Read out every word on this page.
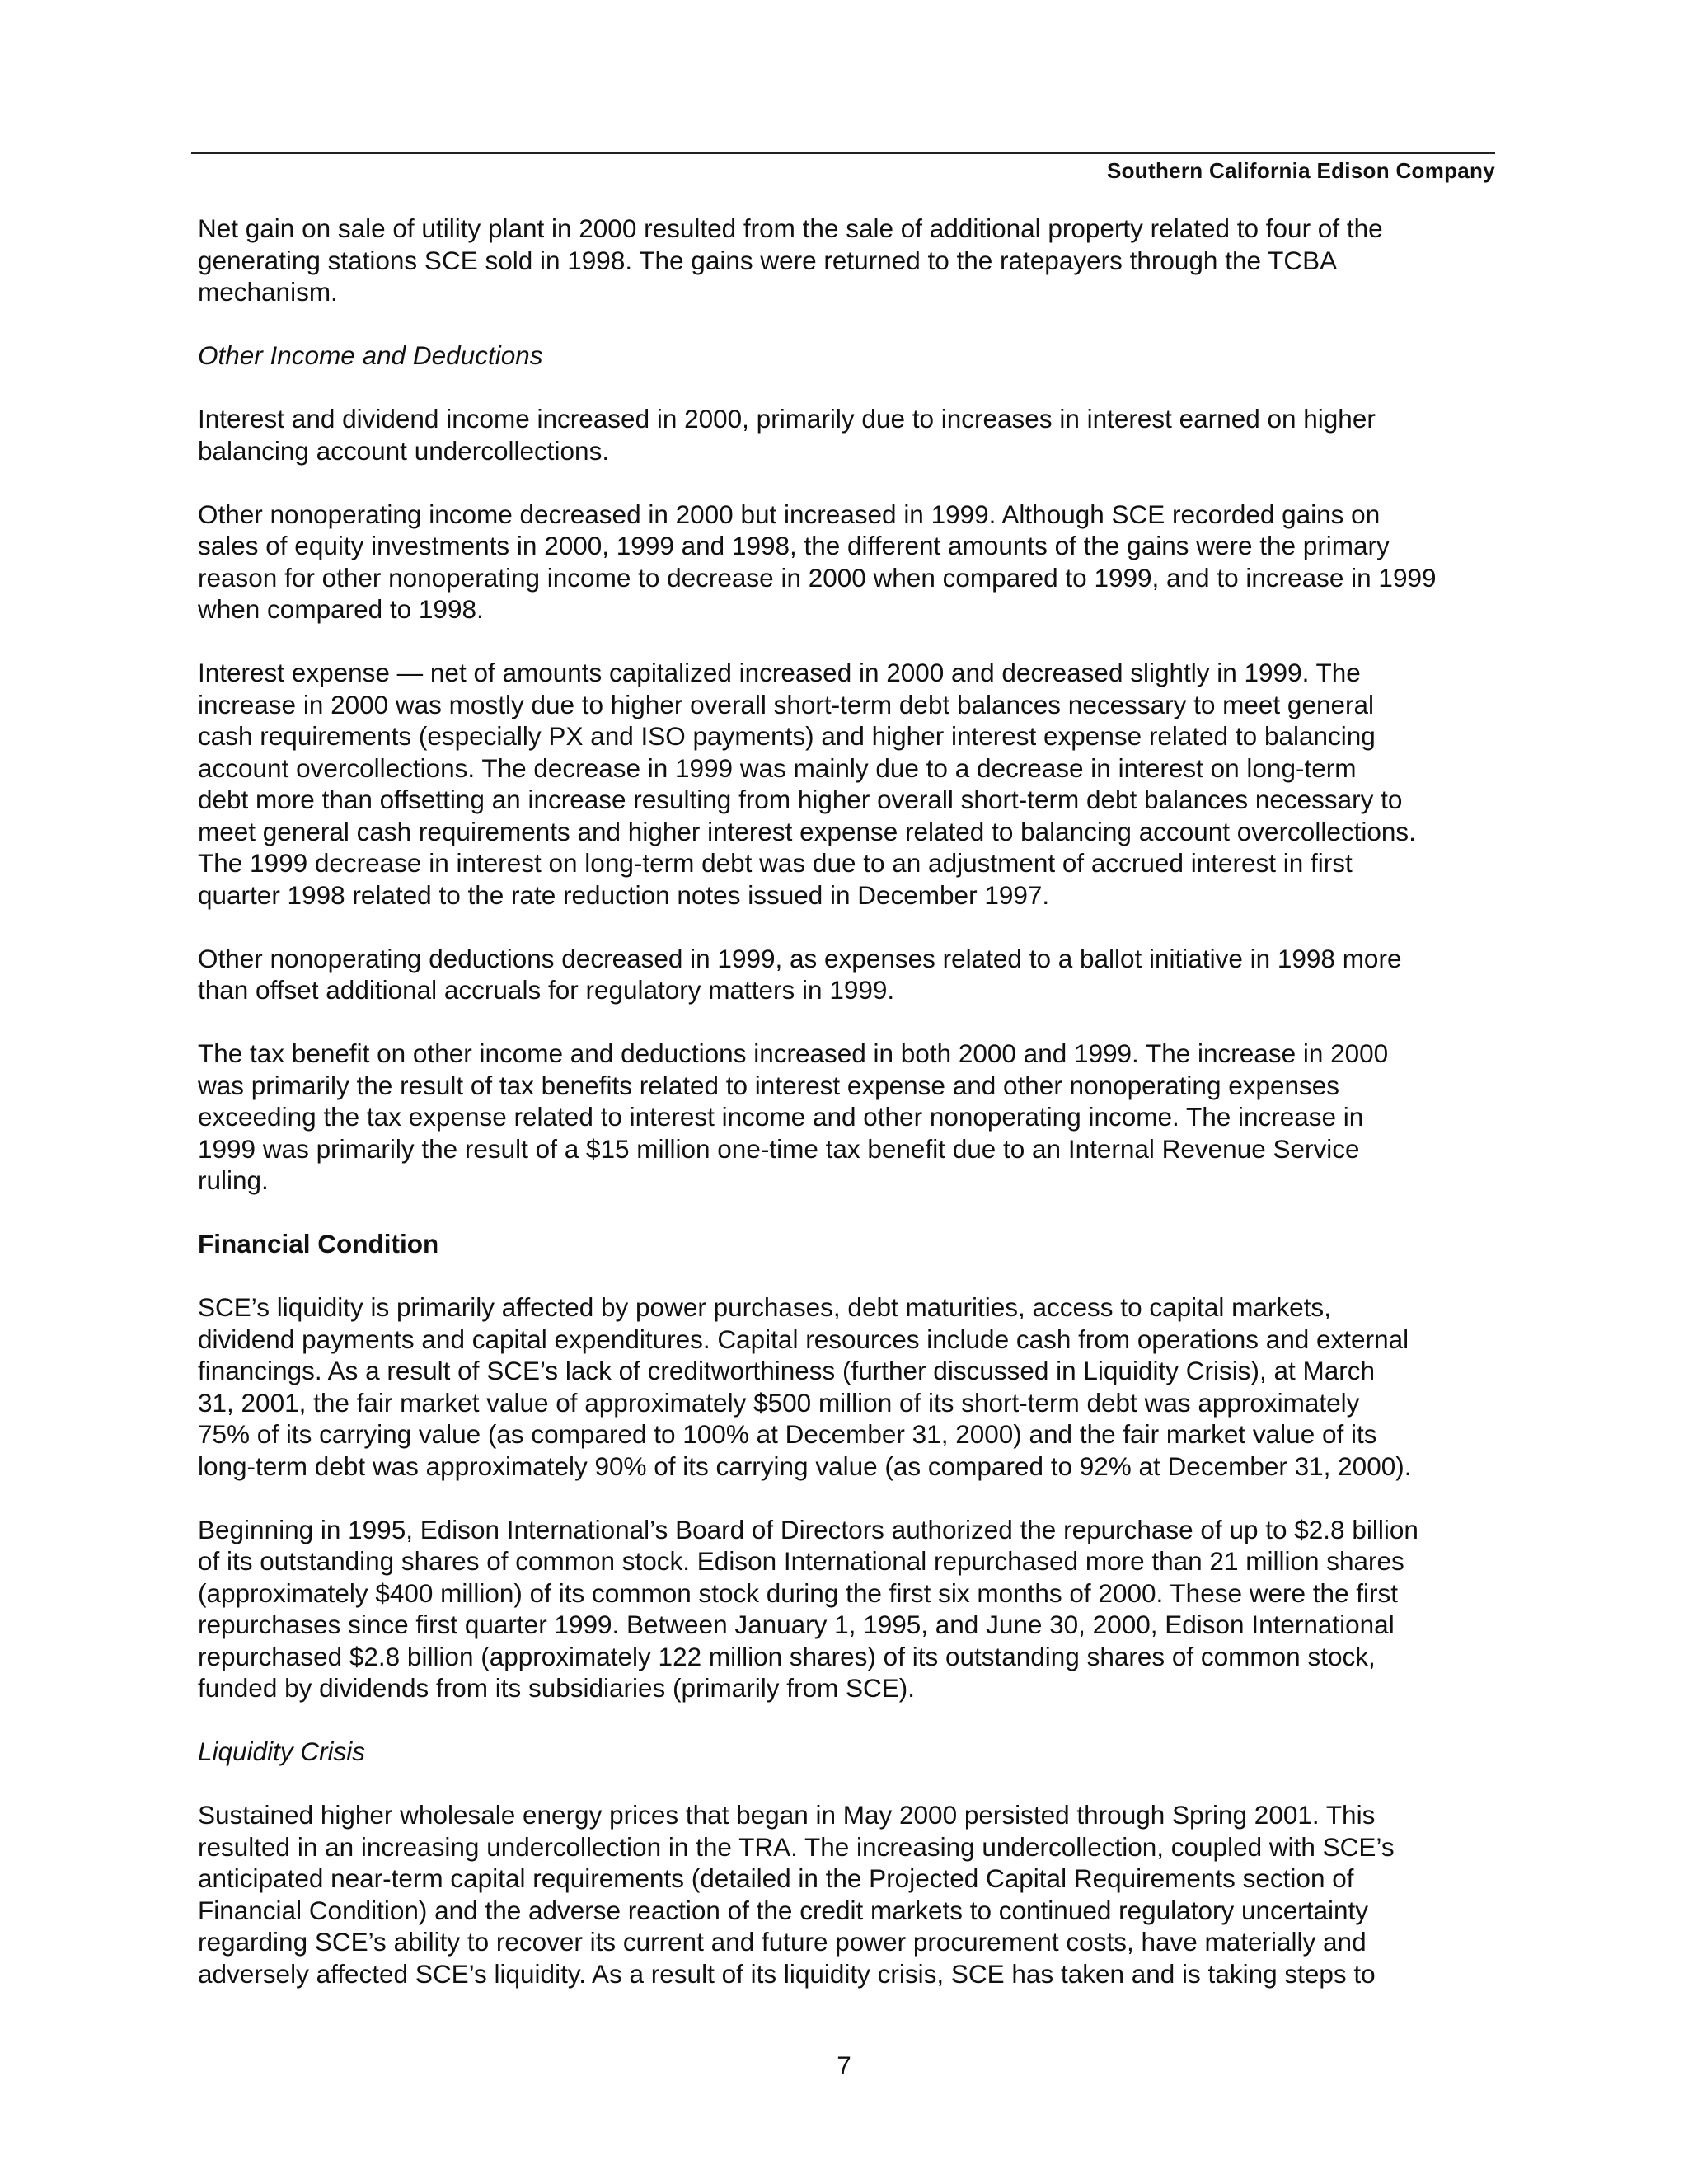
Southern California Edison Company

Net gain on sale of utility plant in 2000 resulted from the sale of additional property related to four of the
generating stations SCE sold in 1998. The gains were returned to the ratepayers through the TCBA
mechanism.

Other Income and Deductions

Interest and dividend income increased in 2000, primarily due to increases in interest earned on higher
balancing account undercollections.

Other nonoperating income decreased in 2000 but increased in 1999. Although SCE recorded gains on
sales of equity investments in 2000, 1999 and 1998, the different amounts of the gains were the primary
reason for other nonoperating income to decrease in 2000 when compared to 1999, and to increase in 1999
when compared to 1998.

Interest expense — net of amounts capitalized increased in 2000 and decreased slightly in 1999. The
increase in 2000 was mostly due to higher overall short-term debt balances necessary to meet general
cash requirements (especially PX and ISO payments) and higher interest expense related to balancing
account overcollections. The decrease in 1999 was mainly due to a decrease in interest on long-term
debt more than offsetting an increase resulting from higher overall short-term debt balances necessary to
meet general cash requirements and higher interest expense related to balancing account overcollections.
The 1999 decrease in interest on long-term debt was due to an adjustment of accrued interest in first
quarter 1998 related to the rate reduction notes issued in December 1997.

Other nonoperating deductions decreased in 1999, as expenses related to a ballot initiative in 1998 more
than offset additional accruals for regulatory matters in 1999.

The tax benefit on other income and deductions increased in both 2000 and 1999. The increase in 2000
was primarily the result of tax benefits related to interest expense and other nonoperating expenses
exceeding the tax expense related to interest income and other nonoperating income. The increase in
1999 was primarily the result of a $15 million one-time tax benefit due to an Internal Revenue Service
ruling.

Financial Condition

SCE’s liquidity is primarily affected by power purchases, debt maturities, access to capital markets,
dividend payments and capital expenditures. Capital resources include cash from operations and external
financings. As a result of SCE’s lack of creditworthiness (further discussed in Liquidity Crisis), at March
31, 2001, the fair market value of approximately $500 million of its short-term debt was approximately
75% of its carrying value (as compared to 100% at December 31, 2000) and the fair market value of its
long-term debt was approximately 90% of its carrying value (as compared to 92% at December 31, 2000).

Beginning in 1995, Edison International’s Board of Directors authorized the repurchase of up to $2.8 billion
of its outstanding shares of common stock. Edison International repurchased more than 21 million shares
(approximately $400 million) of its common stock during the first six months of 2000. These were the first
repurchases since first quarter 1999. Between January 1, 1995, and June 30, 2000, Edison International
repurchased $2.8 billion (approximately 122 million shares) of its outstanding shares of common stock,
funded by dividends from its subsidiaries (primarily from SCE).

Liquidity Crisis

Sustained higher wholesale energy prices that began in May 2000 persisted through Spring 2001. This
resulted in an increasing undercollection in the TRA. The increasing undercollection, coupled with SCE’s
anticipated near-term capital requirements (detailed in the Projected Capital Requirements section of
Financial Condition) and the adverse reaction of the credit markets to continued regulatory uncertainty
regarding SCE’s ability to recover its current and future power procurement costs, have materially and
adversely affected SCE’s liquidity. As a result of its liquidity crisis, SCE has taken and is taking steps to

7
